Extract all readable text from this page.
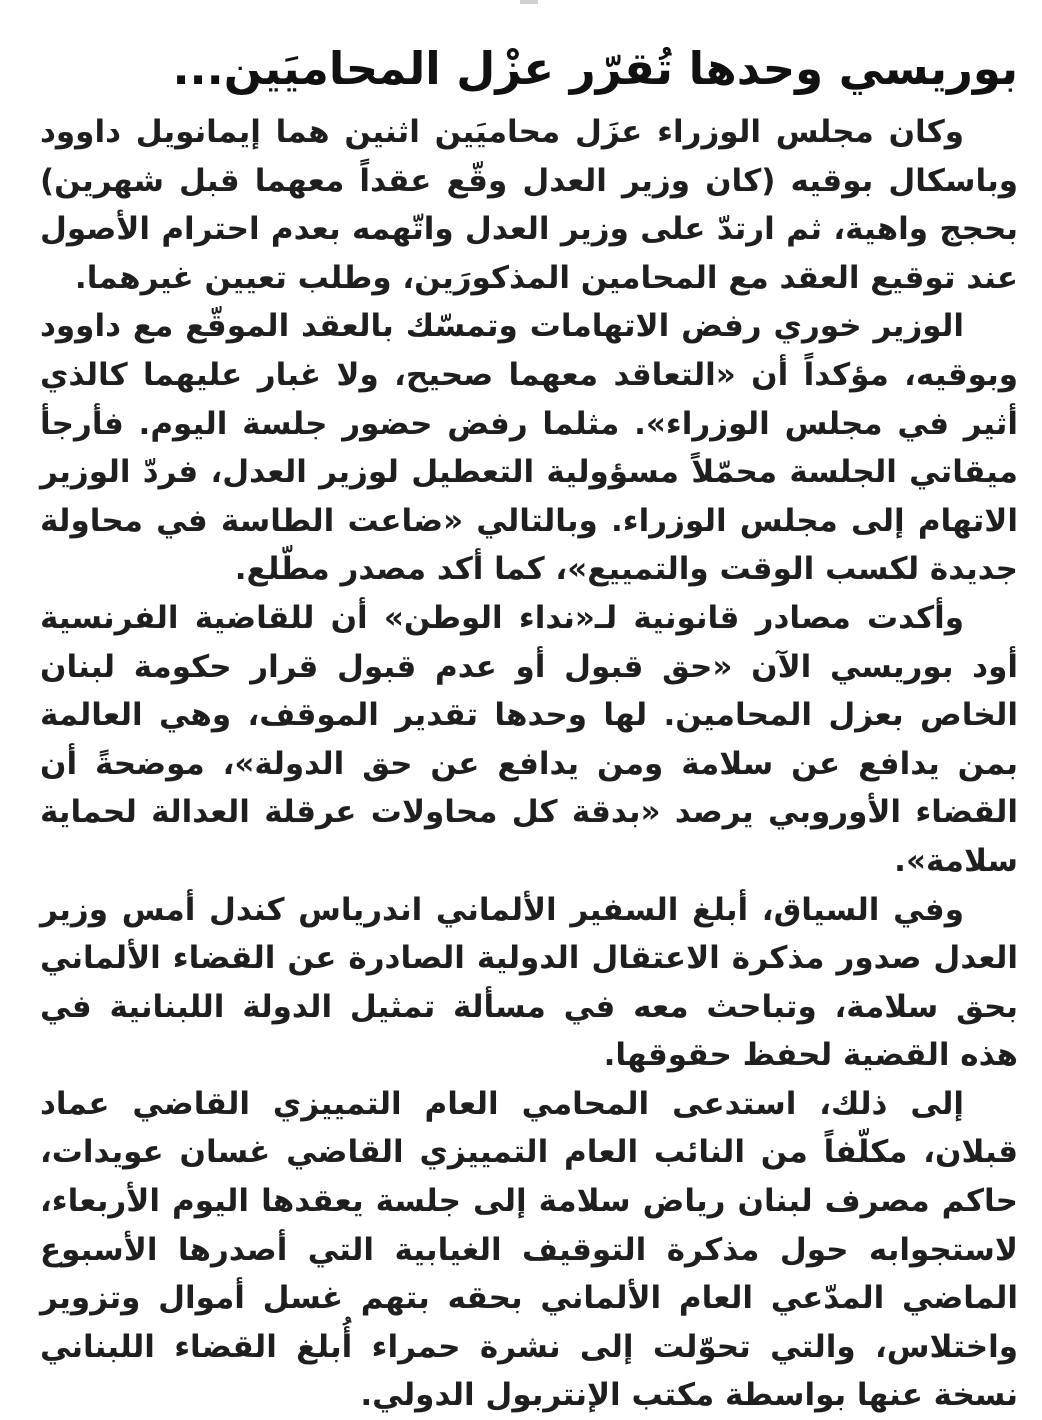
بوريسي وحدها تُقرّر عزْل المحاميَين...

وكان مجلس الوزراء عزَل محاميَين اثنين هما إيمانويل داوود وباسكال بوقيه (كان وزير العدل وقّع عقداً معهما قبل شهرين) بحجج واهية، ثم ارتدّ على وزير العدل واتّهمه بعدم احترام الأصول عند توقيع العقد مع المحامين المذكورَين، وطلب تعيين غيرهما.

الوزير خوري رفض الاتهامات وتمسّك بالعقد الموقّع مع داوود وبوقيه، مؤكداً أن «التعاقد معهما صحيح، ولا غبار عليهما كالذي أثير في مجلس الوزراء». مثلما رفض حضور جلسة اليوم. فأرجأ ميقاتي الجلسة محمّلاً مسؤولية التعطيل لوزير العدل، فردّ الوزير الاتهام إلى مجلس الوزراء. وبالتالي «ضاعت الطاسة في محاولة جديدة لكسب الوقت والتمييع»، كما أكد مصدر مطّلع.

وأكدت مصادر قانونية لـ«نداء الوطن» أن للقاضية الفرنسية أود بوريسي الآن «حق قبول أو عدم قبول قرار حكومة لبنان الخاص بعزل المحامين. لها وحدها تقدير الموقف، وهي العالمة بمن يدافع عن سلامة ومن يدافع عن حق الدولة»، موضحةً أن القضاء الأوروبي يرصد «بدقة كل محاولات عرقلة العدالة لحماية سلامة».

وفي السياق، أبلغ السفير الألماني اندرياس كندل أمس وزير العدل صدور مذكرة الاعتقال الدولية الصادرة عن القضاء الألماني بحق سلامة، وتباحث معه في مسألة تمثيل الدولة اللبنانية في هذه القضية لحفظ حقوقها.

إلى ذلك، استدعى المحامي العام التمييزي القاضي عماد قبلان، مكلّفاً من النائب العام التمييزي القاضي غسان عويدات، حاكم مصرف لبنان رياض سلامة إلى جلسة يعقدها اليوم الأربعاء، لاستجوابه حول مذكرة التوقيف الغيابية التي أصدرها الأسبوع الماضي المدّعي العام الألماني بحقه بتهم غسل أموال وتزوير واختلاس، والتي تحوّلت إلى نشرة حمراء أُبلغ القضاء اللبناني نسخة عنها بواسطة مكتب الإنتربول الدولي.
